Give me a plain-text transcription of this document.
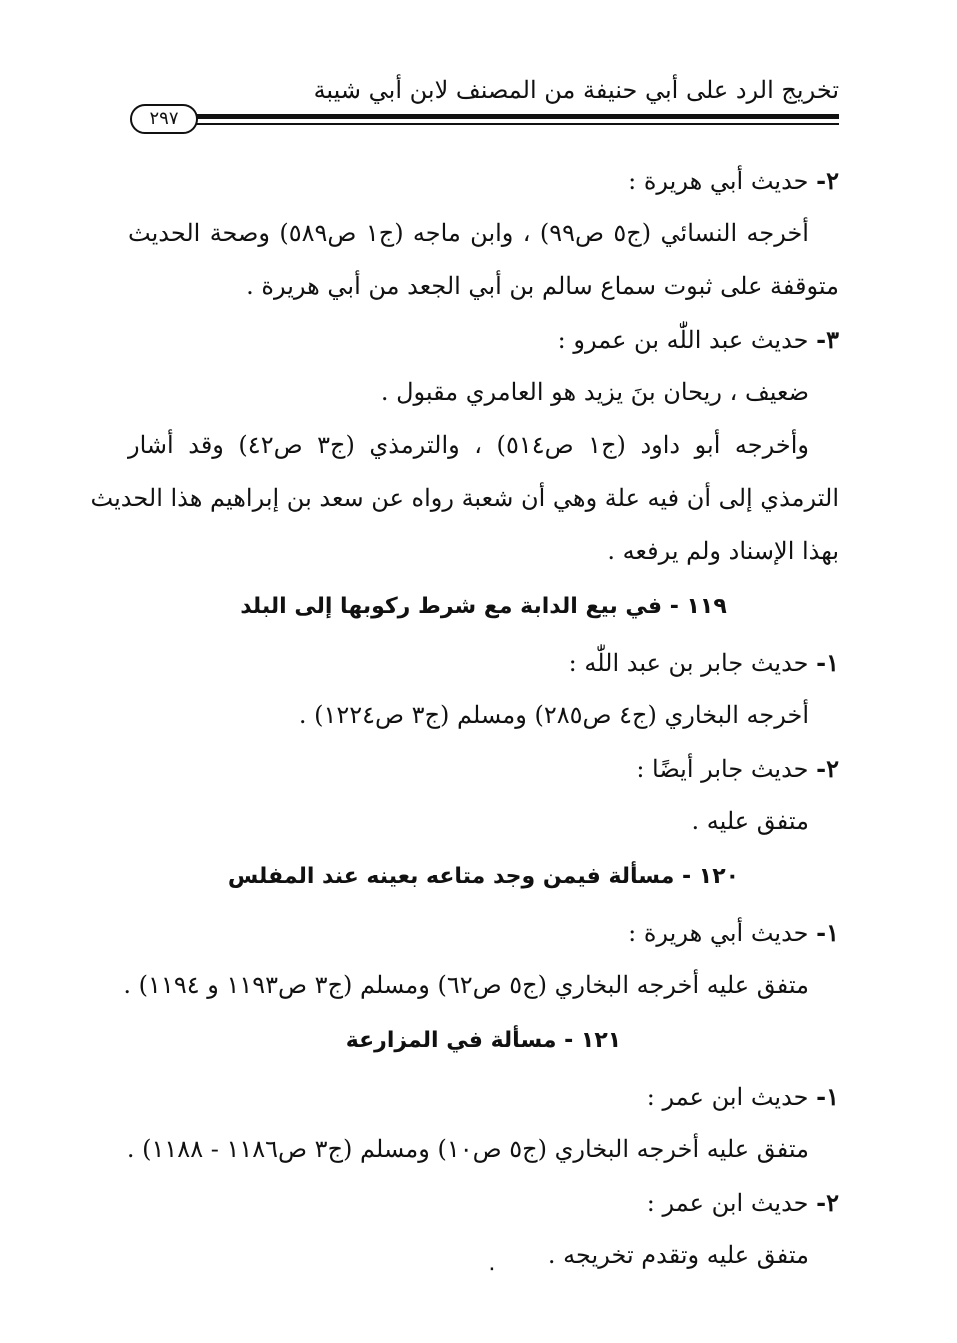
تخريج الرد على أبي حنيفة من المصنف لابن أبي شيبة
٢٩٧
٢- حديث أبي هريرة :
أخرجه النسائي (ج٥ ص٩٩) ، وابن ماجه (ج١ ص٥٨٩) وصحة الحديث
متوقفة على ثبوت سماع سالم بن أبي الجعد من أبي هريرة .
٣- حديث عبد اللّٰه بن عمرو :
ضعيف ، ريحان بنَ يزيد هو العامري مقبول .
وأخرجه أبو داود (ج١ ص٥١٤) ، والترمذي (ج٣ ص٤٢) وقد أشار
الترمذي إلى أن فيه علة وهي أن شعبة رواه عن سعد بن إبراهيم هذا الحديث
بهذا الإسناد ولم يرفعه .
١١٩ - في بيع الدابة مع شرط ركوبها إلى البلد
١- حديث جابر بن عبد اللّٰه :
أخرجه البخاري (ج٤ ص٢٨٥) ومسلم (ج٣ ص١٢٢٤) .
٢- حديث جابر أيضًا :
متفق عليه .
١٢٠ - مسألة فيمن وجد متاعه بعينه عند المفلس
١- حديث أبي هريرة :
متفق عليه أخرجه البخاري (ج٥ ص٦٢) ومسلم (ج٣ ص١١٩٣ و ١١٩٤) .
١٢١ - مسألة في المزارعة
١- حديث ابن عمر :
متفق عليه أخرجه البخاري (ج٥ ص١٠) ومسلم (ج٣ ص١١٨٦ - ١١٨٨) .
٢- حديث ابن عمر :
متفق عليه وتقدم تخريجه .
٠
